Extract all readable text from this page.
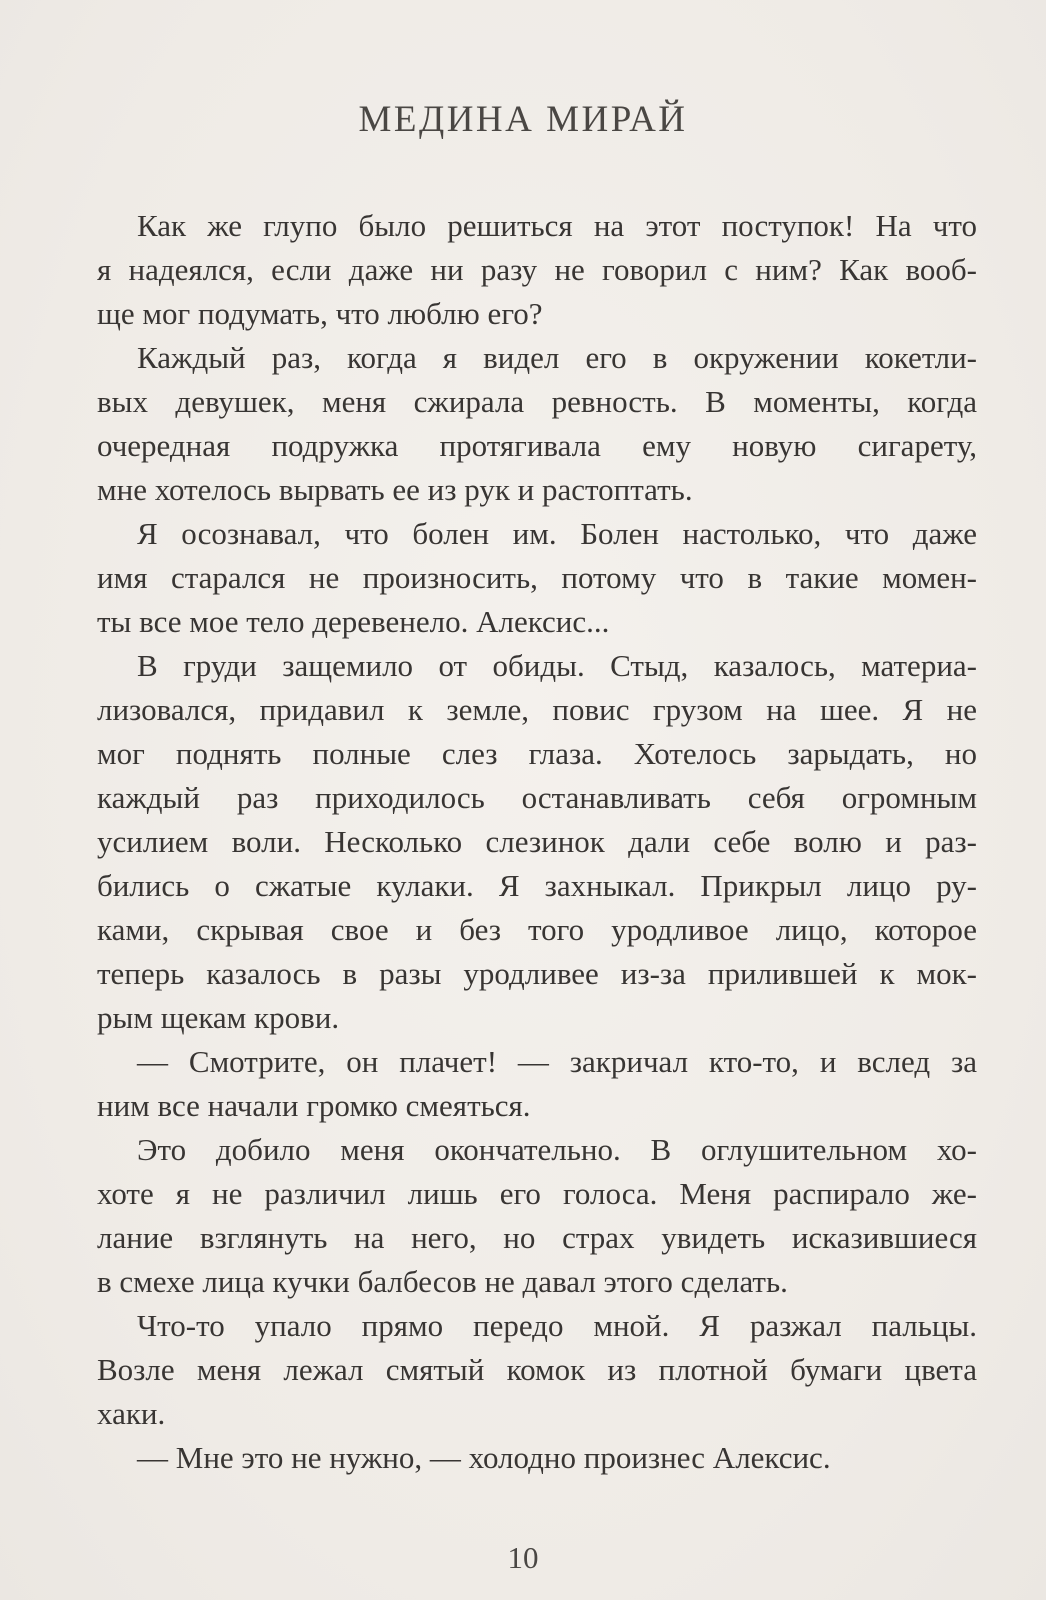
МЕДИНА МИРАЙ
Как же глупо было решиться на этот поступок! На что
я надеялся, если даже ни разу не говорил с ним? Как вооб-
ще мог подумать, что люблю его?
Каждый раз, когда я видел его в окружении кокетли-
вых девушек, меня сжирала ревность. В моменты, когда
очередная подружка протягивала ему новую сигарету,
мне хотелось вырвать ее из рук и растоптать.
Я осознавал, что болен им. Болен настолько, что даже
имя старался не произносить, потому что в такие момен-
ты все мое тело деревенело. Алексис...
В груди защемило от обиды. Стыд, казалось, материа-
лизовался, придавил к земле, повис грузом на шее. Я не
мог поднять полные слез глаза. Хотелось зарыдать, но
каждый раз приходилось останавливать себя огромным
усилием воли. Несколько слезинок дали себе волю и раз-
бились о сжатые кулаки. Я захныкал. Прикрыл лицо ру-
ками, скрывая свое и без того уродливое лицо, которое
теперь казалось в разы уродливее из-за прилившей к мок-
рым щекам крови.
— Смотрите, он плачет! — закричал кто-то, и вслед за
ним все начали громко смеяться.
Это добило меня окончательно. В оглушительном хо-
хоте я не различил лишь его голоса. Меня распирало же-
лание взглянуть на него, но страх увидеть исказившиеся
в смехе лица кучки балбесов не давал этого сделать.
Что-то упало прямо передо мной. Я разжал пальцы.
Возле меня лежал смятый комок из плотной бумаги цвета
хаки.
— Мне это не нужно, — холодно произнес Алексис.
10
